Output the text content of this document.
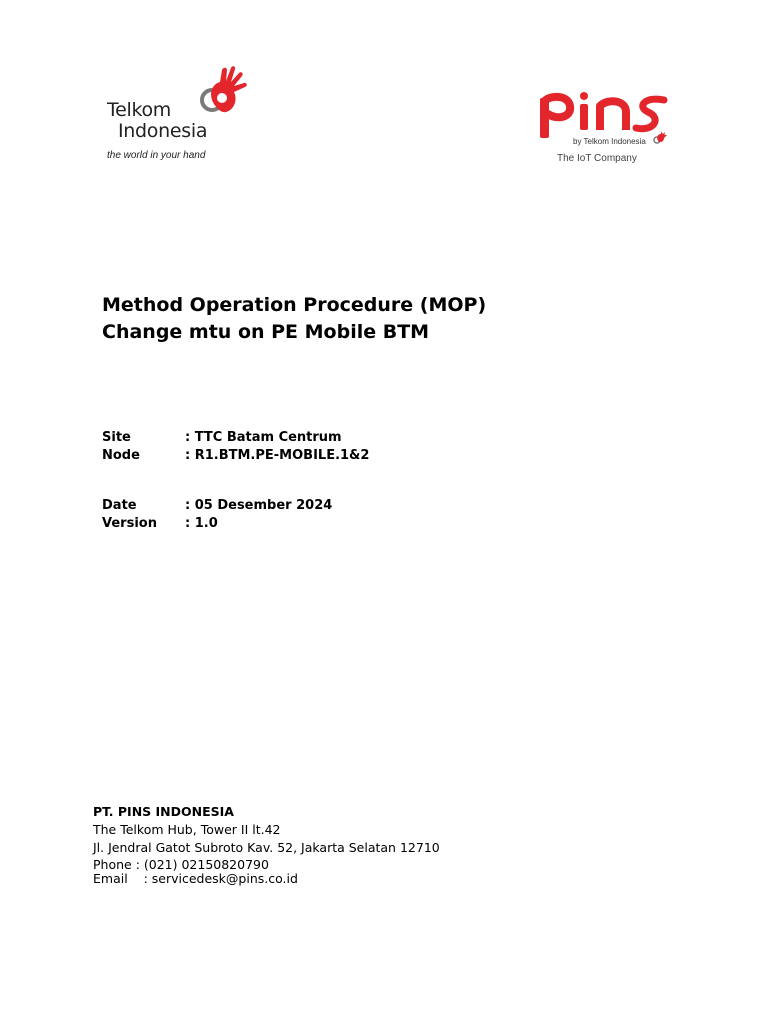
Telkom
Indonesia
the world in your hand
by Telkom Indonesia
The IoT Company
Method Operation Procedure (MOP)
Change mtu on PE Mobile BTM
Site	: TTC Batam Centrum
Node	: R1.BTM.PE-MOBILE.1&2
Date	: 05 Desember 2024
Version : 1.0
PT. PINS INDONESIA
The Telkom Hub, Tower II lt.42
Jl. Jendral Gatot Subroto Kav. 52, Jakarta Selatan 12710
Phone : (021) 02150820790
Email    : servicedesk@pins.co.id
